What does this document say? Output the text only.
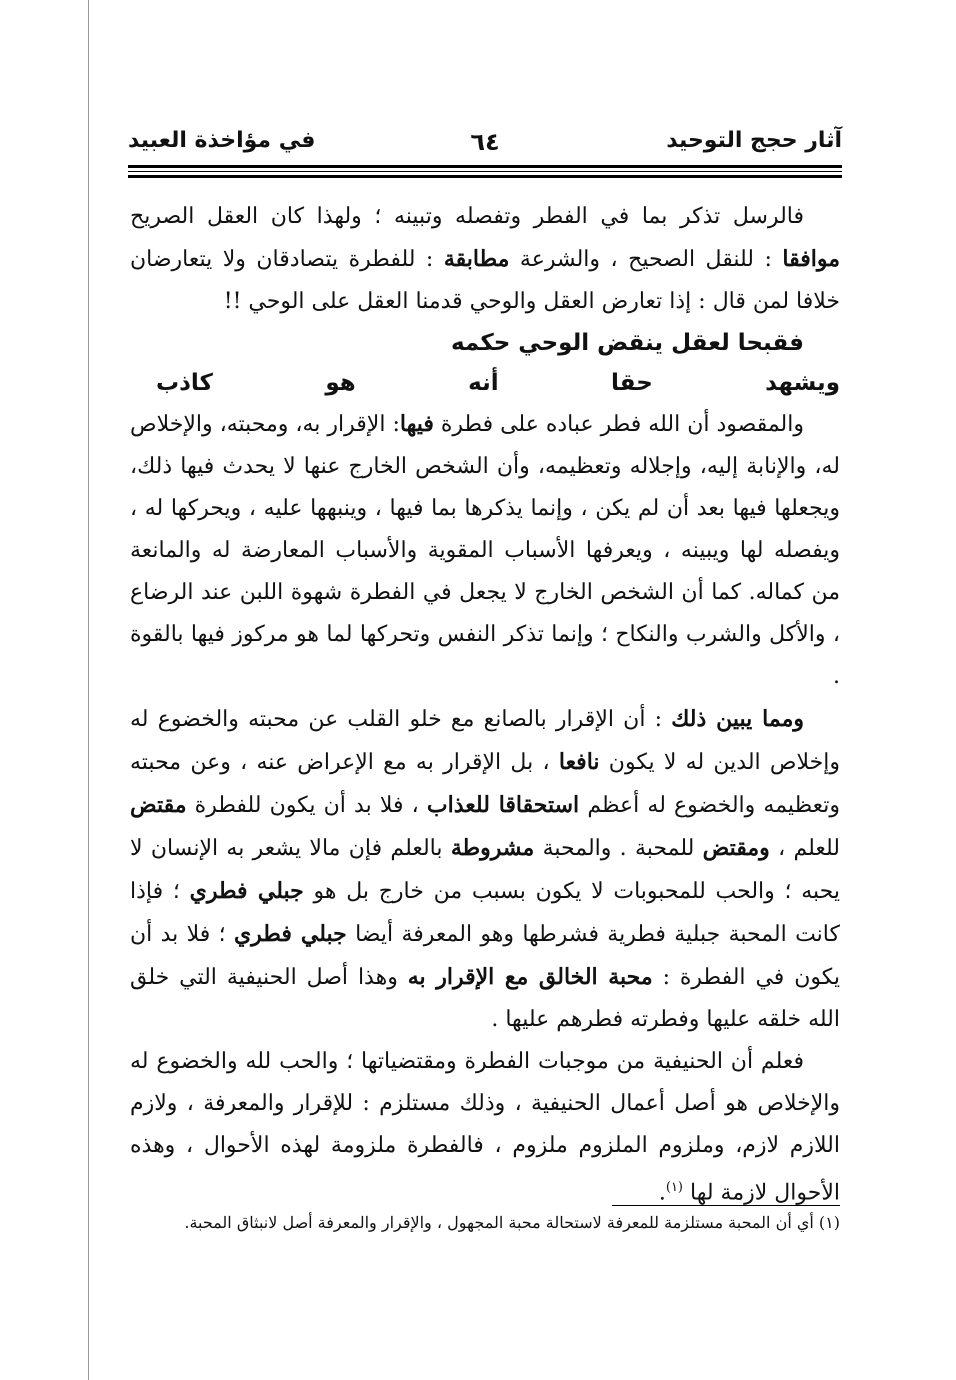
آثار حجج التوحيد
٦٤
في مؤاخذة العبيد

فالرسل تذكر بما في الفطر وتفصله وتبينه ؛ ولهذا كان العقل الصريح موافقا : للنقل الصحيح ، والشرعة مطابقة : للفطرة يتصادقان ولا يتعارضان خلافا لمن قال : إذا تعارض العقل والوحي قدمنا العقل على الوحي !!

فقبحا لعقل ينقض الوحي حكمه
ويشهد حقا أنه هو كاذب

والمقصود أن الله فطر عباده على فطرة فيها: الإقرار به، ومحبته، والإخلاص له، والإنابة إليه، وإجلاله وتعظيمه، وأن الشخص الخارج عنها لا يحدث فيها ذلك، ويجعلها فيها بعد أن لم يكن ، وإنما يذكرها بما فيها ، وينبهها عليه ، ويحركها له ، ويفصله لها ويبينه ، ويعرفها الأسباب المقوية والأسباب المعارضة له والمانعة من كماله. كما أن الشخص الخارج لا يجعل في الفطرة شهوة اللبن عند الرضاع ، والأكل والشرب والنكاح ؛ وإنما تذكر النفس وتحركها لما هو مركوز فيها بالقوة .

ومما يبين ذلك : أن الإقرار بالصانع مع خلو القلب عن محبته والخضوع له وإخلاص الدين له لا يكون نافعا ، بل الإقرار به مع الإعراض عنه ، وعن محبته وتعظيمه والخضوع له أعظم استحقاقا للعذاب ، فلا بد أن يكون للفطرة مقتض للعلم ، ومقتض للمحبة . والمحبة مشروطة بالعلم فإن مالا يشعر به الإنسان لا يحبه ؛ والحب للمحبوبات لا يكون بسبب من خارج بل هو جبلي فطري ؛ فإذا كانت المحبة جبلية فطرية فشرطها وهو المعرفة أيضا جبلي فطري ؛ فلا بد أن يكون في الفطرة : محبة الخالق مع الإقرار به وهذا أصل الحنيفية التي خلق الله خلقه عليها وفطرته فطرهم عليها .

فعلم أن الحنيفية من موجبات الفطرة ومقتضياتها ؛ والحب لله والخضوع له والإخلاص هو أصل أعمال الحنيفية ، وذلك مستلزم : للإقرار والمعرفة ، ولازم اللازم لازم، وملزوم الملزوم ملزوم ، فالفطرة ملزومة لهذه الأحوال ، وهذه الأحوال لازمة لها $^{(١)}$.

(١) أي أن المحبة مستلزمة للمعرفة لاستحالة محبة المجهول ، والإقرار والمعرفة أصل لانبثاق المحبة.
